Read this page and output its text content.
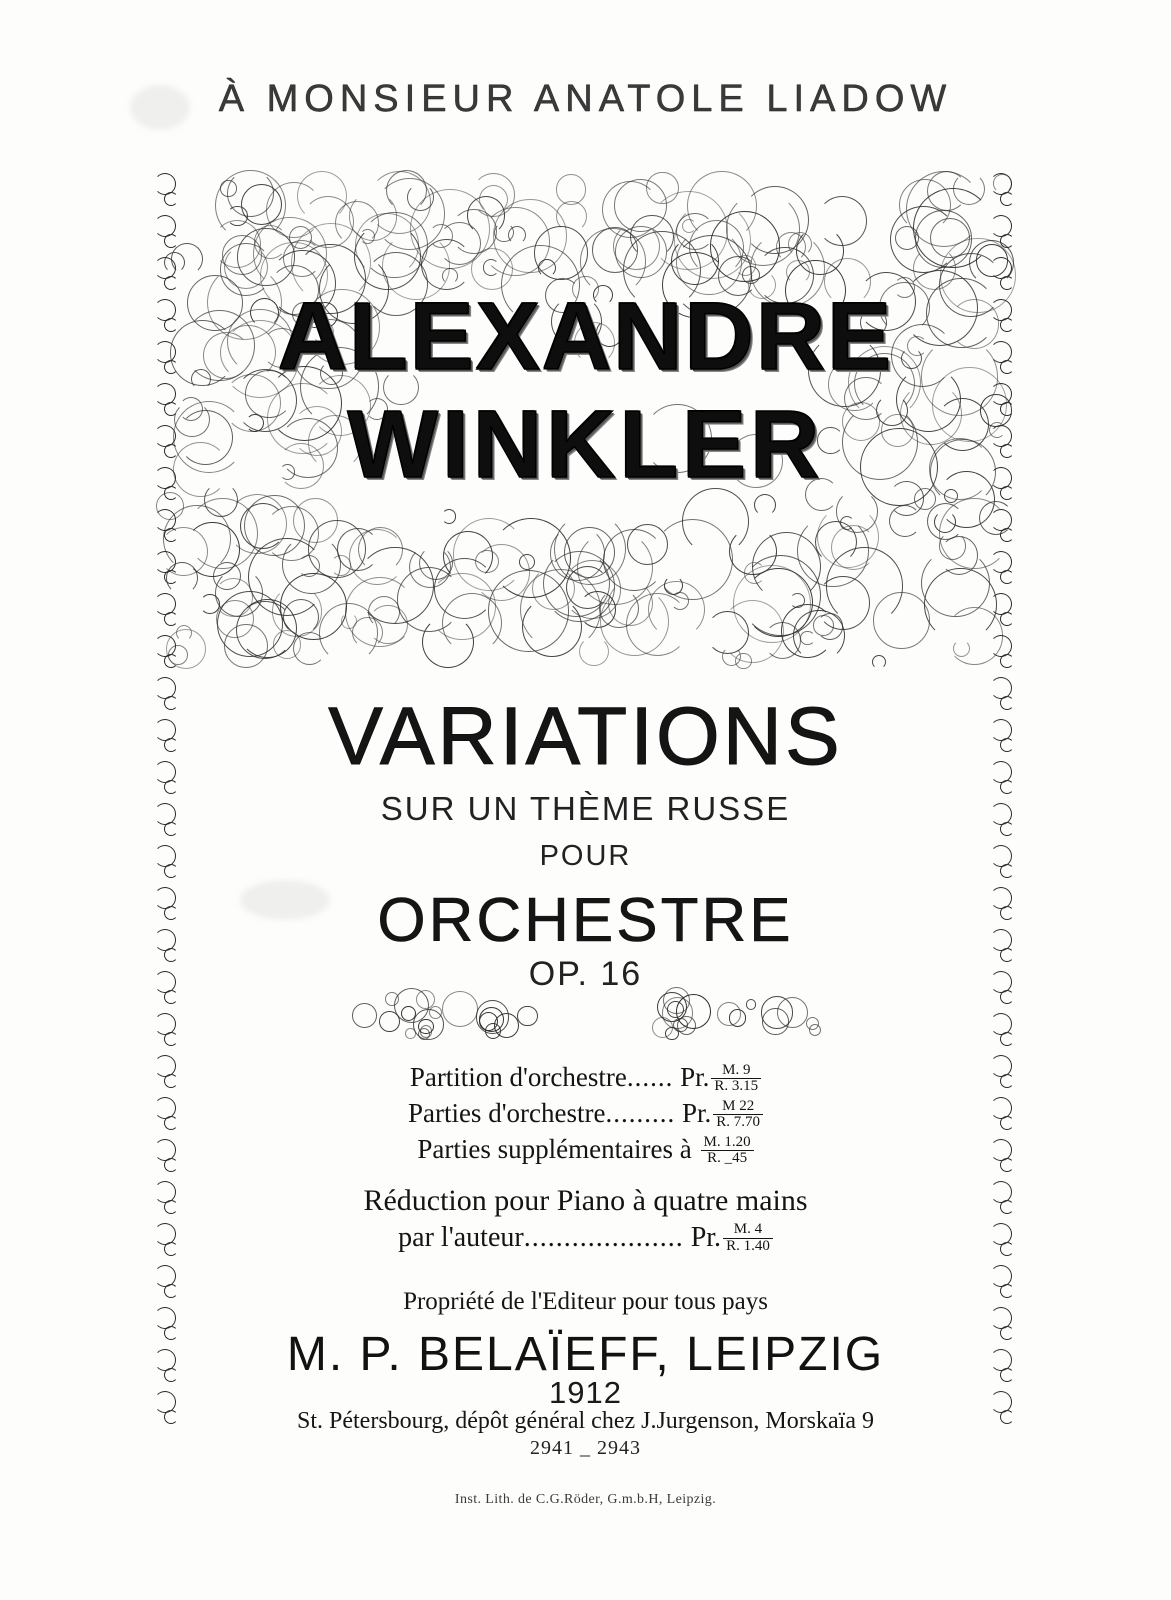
À MONSIEUR ANATOLE LIADOW
ALEXANDRE
WINKLER
VARIATIONS
SUR UN THÈME RUSSE
POUR
ORCHESTRE
OP. 16
Partition d'orchestre...... Pr. $\frac{M. 9}{R. 3.15}$
Parties d'orchestre......... Pr. $\frac{M 22}{R. 7.70}$
Parties supplémentaires à $\frac{M. 1.20}{R. \_45}$
Réduction pour Piano à quatre mains
par l'auteur.................... Pr. $\frac{M. 4}{R. 1.40}$
Propriété de l'Editeur pour tous pays
M. P. BELAÏEFF, LEIPZIG
1912
St. Pétersbourg, dépôt général chez J.Jurgenson, Morskaïa 9
2941 _ 2943
Inst. Lith. de C.G.Röder, G.m.b.H, Leipzig.
